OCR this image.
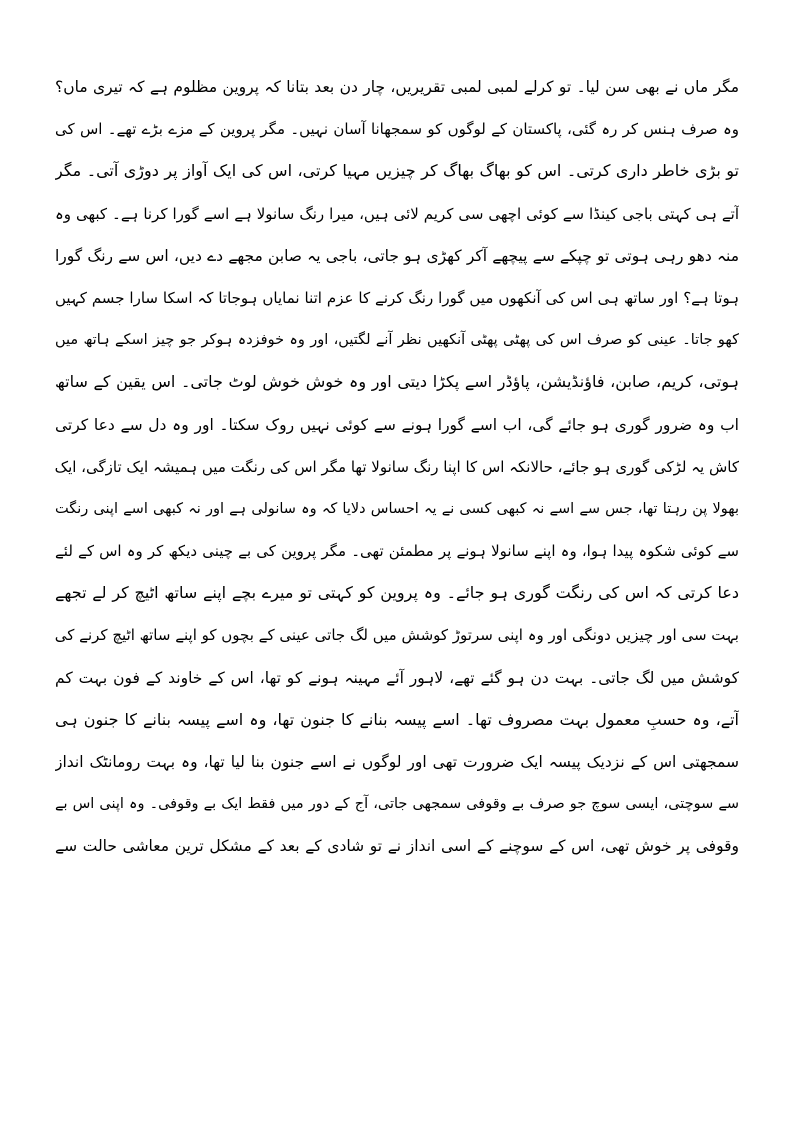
مگر ماں نے بھی سن لیا۔ تو کرلے لمبی لمبی تقریریں، چار دن بعد بتانا کہ پروین مظلوم ہے کہ تیری ماں؟
وہ صرف ہنس کر رہ گئی، پاکستان کے لوگوں کو سمجھانا آسان نہیں۔ مگر پروین کے مزے بڑے تھے۔ اس کی
تو بڑی خاطر داری کرتی۔ اس کو بھاگ بھاگ کر چیزیں مہیا کرتی، اس کی ایک آواز پر دوڑی آتی۔ مگر
آتے ہی کہتی باجی کینڈا سے کوئی اچھی سی کریم لائی ہیں، میرا رنگ سانولا ہے اسے گورا کرنا ہے۔ کبھی وہ
منہ دھو رہی ہوتی تو چپکے سے پیچھے آکر کھڑی ہو جاتی، باجی یہ صابن مجھے دے دیں، اس سے رنگ گورا
ہوتا ہے؟ اور ساتھ ہی اس کی آنکھوں میں گورا رنگ کرنے کا عزم اتنا نمایاں ہوجاتا کہ اسکا سارا جسم کہیں
کھو جاتا۔ عینی کو صرف اس کی پھٹی پھٹی آنکھیں نظر آنے لگتیں، اور وہ خوفزدہ ہوکر جو چیز اسکے ہاتھ میں
ہوتی، کریم، صابن، فاؤنڈیشن، پاؤڈر اسے پکڑا دیتی اور وہ خوش خوش لوٹ جاتی۔ اس یقین کے ساتھ
اب وہ ضرور گوری ہو جائے گی، اب اسے گورا ہونے سے کوئی نہیں روک سکتا۔ اور وہ دل سے دعا کرتی
کاش یہ لڑکی گوری ہو جائے، حالانکہ اس کا اپنا رنگ سانولا تھا مگر اس کی رنگت میں ہمیشہ ایک تازگی، ایک
بھولا پن رہتا تھا، جس سے اسے نہ کبھی کسی نے یہ احساس دلایا کہ وہ سانولی ہے اور نہ کبھی اسے اپنی رنگت
سے کوئی شکوہ پیدا ہوا، وہ اپنے سانولا ہونے پر مطمئن تھی۔ مگر پروین کی بے چینی دیکھ کر وہ اس کے لئے
دعا کرتی کہ اس کی رنگت گوری ہو جائے۔ وہ پروین کو کہتی تو میرے بچے اپنے ساتھ اٹیچ کر لے تجھے
بہت سی اور چیزیں دونگی اور وہ اپنی سرتوڑ کوشش میں لگ جاتی عینی کے بچوں کو اپنے ساتھ اٹیچ کرنے کی
کوشش میں لگ جاتی۔ بہت دن ہو گئے تھے، لاہور آئے مہینہ ہونے کو تھا، اس کے خاوند کے فون بہت کم
آتے، وہ حسبِ معمول بہت مصروف تھا۔ اسے پیسہ بنانے کا جنون تھا، وہ اسے پیسہ بنانے کا جنون ہی
سمجھتی اس کے نزدیک پیسہ ایک ضرورت تھی اور لوگوں نے اسے جنون بنا لیا تھا، وہ بہت رومانٹک انداز
سے سوچتی، ایسی سوچ جو صرف بے وقوفی سمجھی جاتی، آج کے دور میں فقط ایک بے وقوفی۔ وہ اپنی اس بے
وقوفی پر خوش تھی، اس کے سوچنے کے اسی انداز نے تو شادی کے بعد کے مشکل ترین معاشی حالت سے
